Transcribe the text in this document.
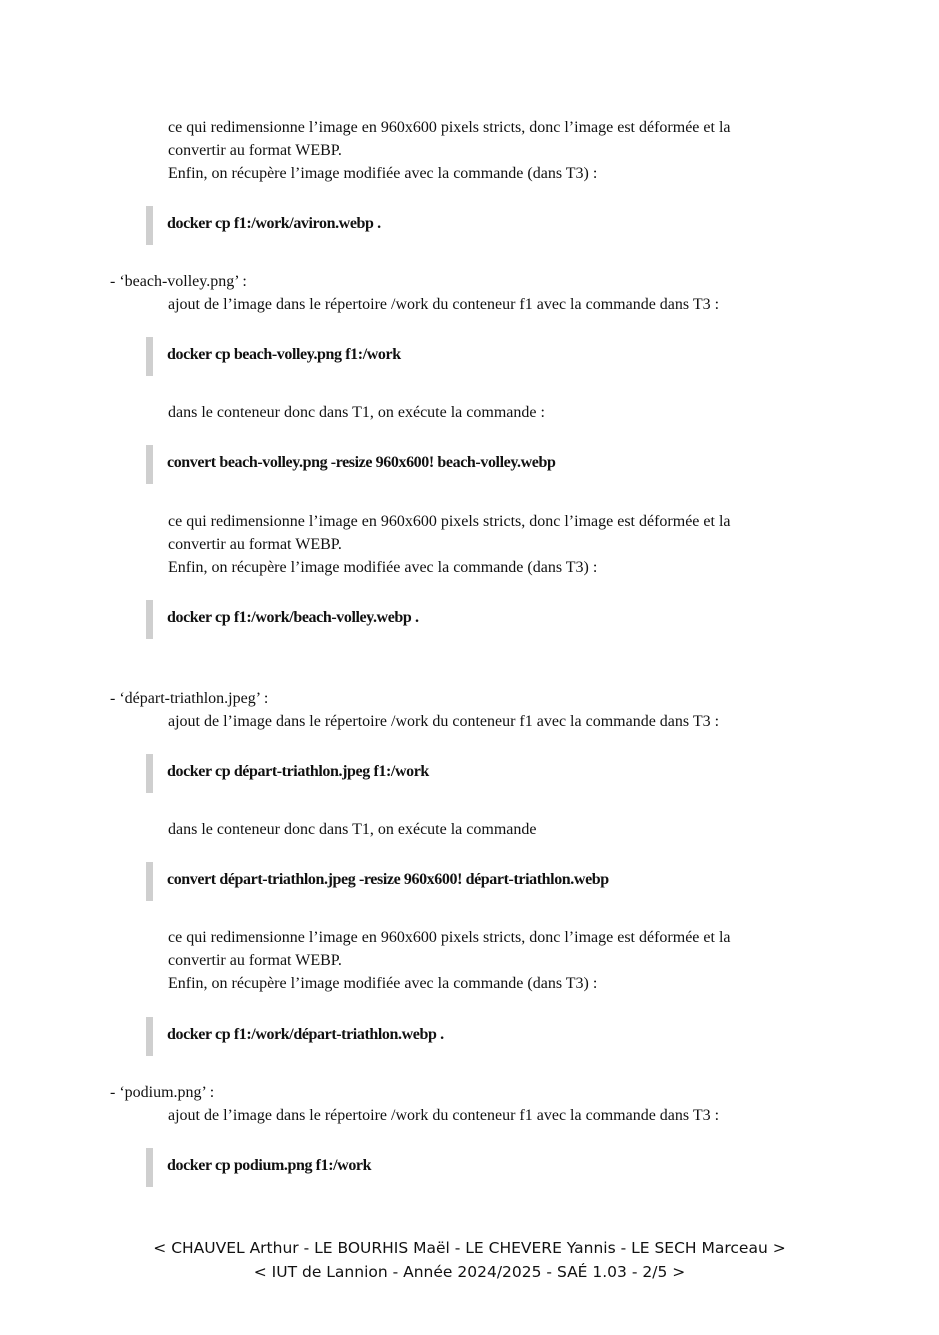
ce qui redimensionne l’image en 960x600 pixels stricts, donc l’image est déformée et la
convertir au format WEBP.
Enfin, on récupère l’image modifiée avec la commande (dans T3) :
docker cp f1:/work/aviron.webp .
- ‘beach-volley.png’ :
ajout de l’image dans le répertoire /work du conteneur f1 avec la commande dans T3 :
docker cp beach-volley.png f1:/work
dans le conteneur donc dans T1, on exécute la commande :
convert beach-volley.png -resize 960x600! beach-volley.webp
ce qui redimensionne l’image en 960x600 pixels stricts, donc l’image est déformée et la
convertir au format WEBP.
Enfin, on récupère l’image modifiée avec la commande (dans T3) :
docker cp f1:/work/beach-volley.webp .
- ‘départ-triathlon.jpeg’ :
ajout de l’image dans le répertoire /work du conteneur f1 avec la commande dans T3 :
docker cp départ-triathlon.jpeg f1:/work
dans le conteneur donc dans T1, on exécute la commande
convert départ-triathlon.jpeg -resize 960x600! départ-triathlon.webp
ce qui redimensionne l’image en 960x600 pixels stricts, donc l’image est déformée et la
convertir au format WEBP.
Enfin, on récupère l’image modifiée avec la commande (dans T3) :
docker cp f1:/work/départ-triathlon.webp .
- ‘podium.png’ :
ajout de l’image dans le répertoire /work du conteneur f1 avec la commande dans T3 :
docker cp podium.png f1:/work
< CHAUVEL Arthur - LE BOURHIS Maël - LE CHEVERE Yannis - LE SECH Marceau >
< IUT de Lannion - Année 2024/2025 - SAÉ 1.03 - 2/5 >
